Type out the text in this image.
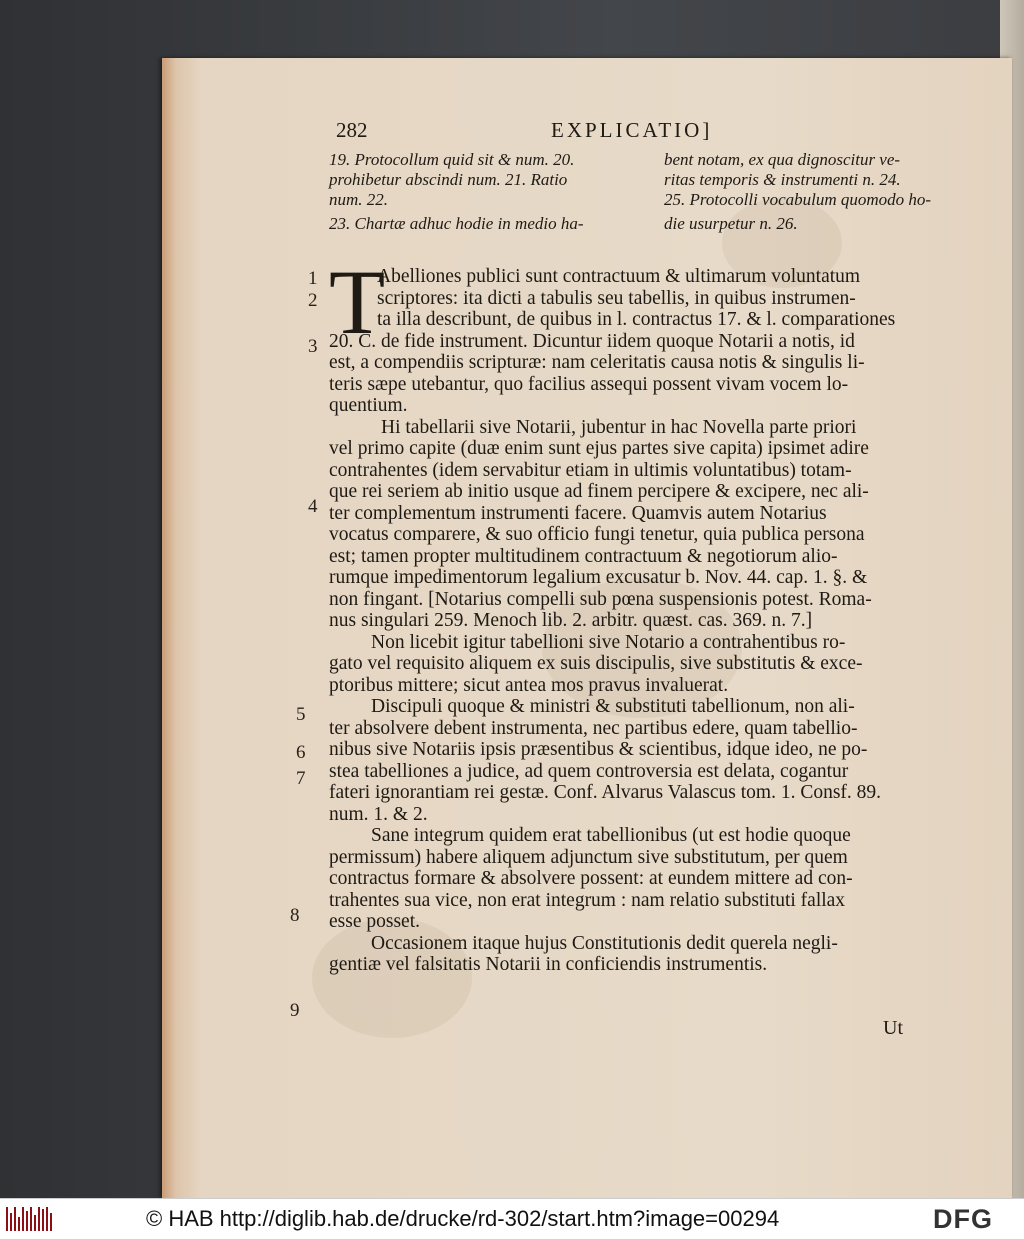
282	EXPLICATIO]
19. Protocollum quid sit & num. 20.
prohibetur abscindi num. 21. Ratio
num. 22.
23. Chartæ adhuc hodie in medio ha-
bent notam, ex qua dignoscitur ve-
ritas temporis & instrumenti n. 24.
25. Protocolli vocabulum quomodo ho-
die usurpetur n. 26.
T
Abelliones publici sunt contractuum & ultimarum voluntatum
scriptores: ita dicti a tabulis seu tabellis, in quibus instrumen-
ta illa describunt, de quibus in l. contractus 17. & l. comparationes
20. C. de fide instrument. Dicuntur iidem quoque Notarii a notis, id
est, a compendiis scripturæ: nam celeritatis causa notis & singulis li-
teris sæpe utebantur, quo facilius assequi possent vivam vocem lo-
quentium.
Hi tabellarii sive Notarii, jubentur in hac Novella parte priori
vel primo capite (duæ enim sunt ejus partes sive capita) ipsimet adire
contrahentes (idem servabitur etiam in ultimis voluntatibus) totam-
que rei seriem ab initio usque ad finem percipere & excipere, nec ali-
ter complementum instrumenti facere. Quamvis autem Notarius
vocatus comparere, & suo officio fungi tenetur, quia publica persona
est; tamen propter multitudinem contractuum & negotiorum alio-
rumque impedimentorum legalium excusatur b. Nov. 44. cap. 1. §. &
non fingant. [Notarius compelli sub pœna suspensionis potest. Roma-
nus singulari 259. Menoch lib. 2. arbitr. quæst. cas. 369. n. 7.]
Non licebit igitur tabellioni sive Notario a contrahentibus ro-
gato vel requisito aliquem ex suis discipulis, sive substitutis & exce-
ptoribus mittere; sicut antea mos pravus invaluerat.
Discipuli quoque & ministri & substituti tabellionum, non ali-
ter absolvere debent instrumenta, nec partibus edere, quam tabellio-
nibus sive Notariis ipsis præsentibus & scientibus, idque ideo, ne po-
stea tabelliones a judice, ad quem controversia est delata, cogantur
fateri ignorantiam rei gestæ. Conf. Alvarus Valascus tom. 1. Consf. 89.
num. 1. & 2.
Sane integrum quidem erat tabellionibus (ut est hodie quoque
permissum) habere aliquem adjunctum sive substitutum, per quem
contractus formare & absolvere possent: at eundem mittere ad con-
trahentes sua vice, non erat integrum : nam relatio substituti fallax
esse posset.
Occasionem itaque hujus Constitutionis dedit querela negli-
gentiæ vel falsitatis Notarii in conficiendis instrumentis.
1
2
3
4
5
6
7
8
9
Ut
© HAB http://diglib.hab.de/drucke/rd-302/start.htm?image=00294	DFG
